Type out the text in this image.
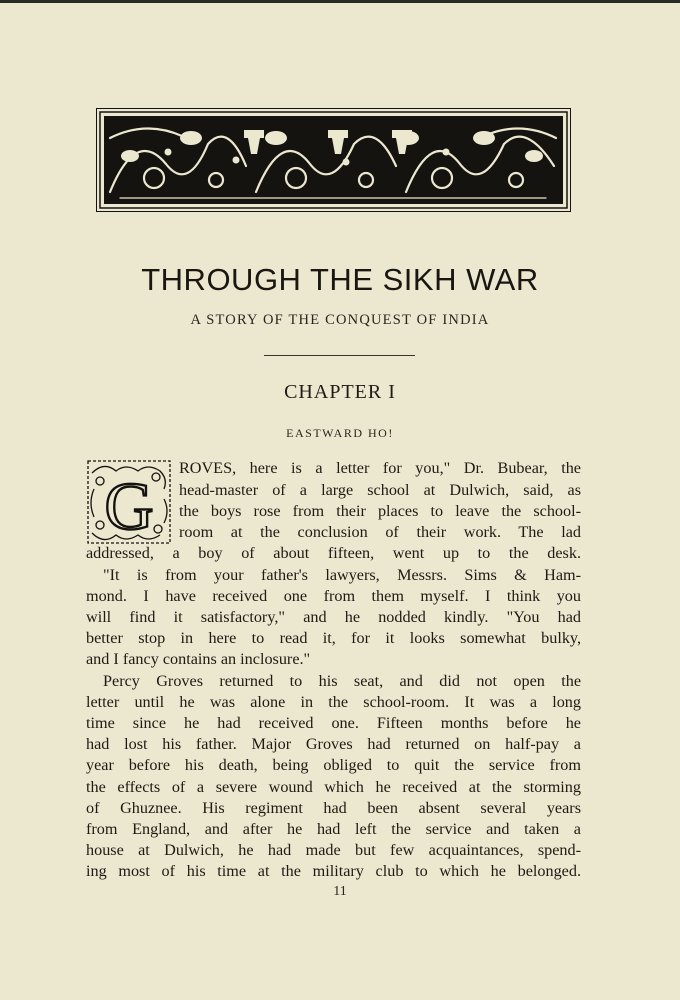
THROUGH THE SIKH WAR
A STORY OF THE CONQUEST OF INDIA
CHAPTER I
EASTWARD HO!
G ROVES, here is a letter for you," Dr. Bubear, the
head-master of a large school at Dulwich, said, as
the boys rose from their places to leave the school-
room at the conclusion of their work. The lad
addressed, a boy of about fifteen, went up to the desk.
"It is from your father's lawyers, Messrs. Sims & Ham-
mond. I have received one from them myself. I think you
will find it satisfactory," and he nodded kindly. "You had
better stop in here to read it, for it looks somewhat bulky,
and I fancy contains an inclosure."
Percy Groves returned to his seat, and did not open the
letter until he was alone in the school-room. It was a long
time since he had received one. Fifteen months before he
had lost his father. Major Groves had returned on half-pay a
year before his death, being obliged to quit the service from
the effects of a severe wound which he received at the storming
of Ghuznee. His regiment had been absent several years
from England, and after he had left the service and taken a
house at Dulwich, he had made but few acquaintances, spend-
ing most of his time at the military club to which he belonged.
11
